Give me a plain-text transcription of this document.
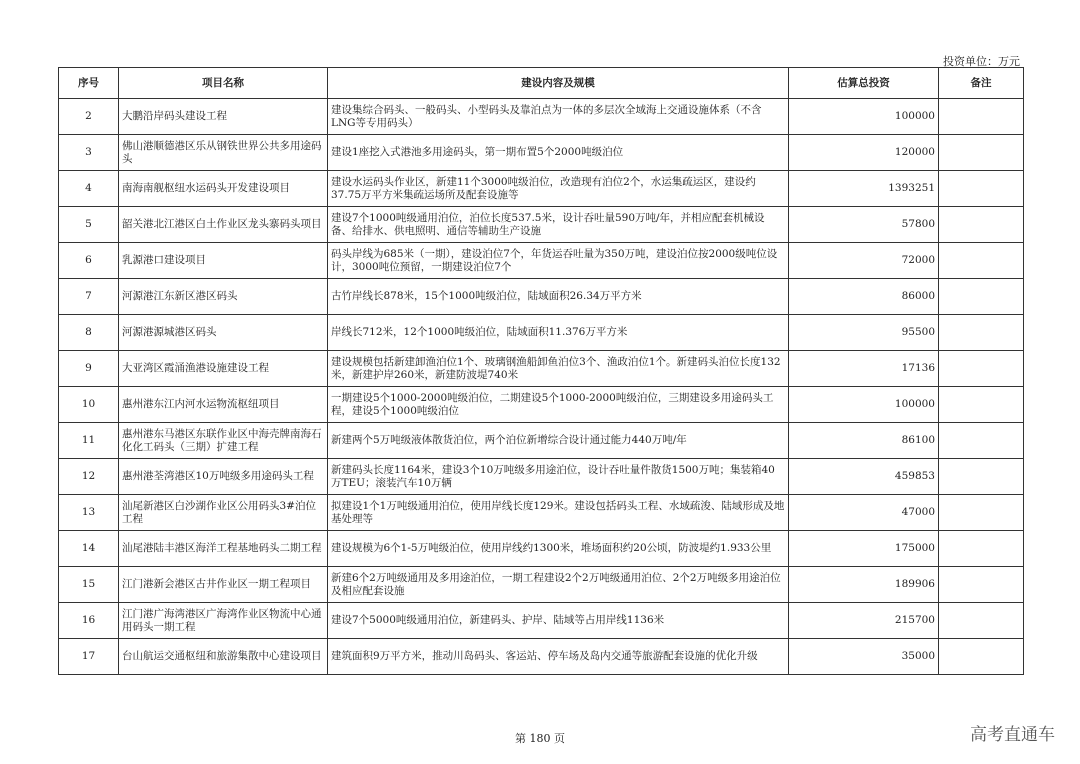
投资单位：万元
序号	项目名称	建设内容及规模	估算总投资	备注
2	大鹏沿岸码头建设工程	建设集综合码头、一般码头、小型码头及靠泊点为一体的多层次全域海上交通设施体系（不含LNG等专用码头）	100000	
3	佛山港顺德港区乐从钢铁世界公共多用途码头	建设1座挖入式港池多用途码头，第一期布置5个2000吨级泊位	120000	
4	南海南舰枢纽水运码头开发建设项目	建设水运码头作业区，新建11个3000吨级泊位，改造现有泊位2个，水运集疏运区，建设约37.75万平方米集疏运场所及配套设施等	1393251	
5	韶关港北江港区白土作业区龙头寨码头项目	建设7个1000吨级通用泊位，泊位长度537.5米，设计吞吐量590万吨/年，并相应配套机械设备、给排水、供电照明、通信等辅助生产设施	57800	
6	乳源港口建设项目	码头岸线为685米（一期），建设泊位7个，年货运吞吐量为350万吨，建设泊位按2000级吨位设计，3000吨位预留，一期建设泊位7个	72000	
7	河源港江东新区港区码头	古竹岸线长878米，15个1000吨级泊位，陆域面积26.34万平方米	86000	
8	河源港源城港区码头	岸线长712米，12个1000吨级泊位，陆域面积11.376万平方米	95500	
9	大亚湾区霞涌渔港设施建设工程	建设规模包括新建卸渔泊位1个、玻璃钢渔船卸鱼泊位3个、渔政泊位1个。新建码头泊位长度132米，新建护岸260米，新建防波堤740米	17136	
10	惠州港东江内河水运物流枢纽项目	一期建设5个1000-2000吨级泊位，二期建设5个1000-2000吨级泊位，三期建设多用途码头工程，建设5个1000吨级泊位	100000	
11	惠州港东马港区东联作业区中海壳牌南海石化化工码头（三期）扩建工程	新建两个5万吨级液体散货泊位，两个泊位新增综合设计通过能力440万吨/年	86100	
12	惠州港荃湾港区10万吨级多用途码头工程	新建码头长度1164米，建设3个10万吨级多用途泊位，设计吞吐量件散货1500万吨；集装箱40万TEU；滚装汽车10万辆	459853	
13	汕尾新港区白沙湖作业区公用码头3#泊位工程	拟建设1个1万吨级通用泊位，使用岸线长度129米。建设包括码头工程、水域疏浚、陆域形成及地基处理等	47000	
14	汕尾港陆丰港区海洋工程基地码头二期工程	建设规模为6个1-5万吨级泊位，使用岸线约1300米，堆场面积约20公顷，防波堤约1.933公里	175000	
15	江门港新会港区古井作业区一期工程项目	新建6个2万吨级通用及多用途泊位，一期工程建设2个2万吨级通用泊位、2个2万吨级多用途泊位及相应配套设施	189906	
16	江门港广海湾港区广海湾作业区物流中心通用码头一期工程	建设7个5000吨级通用泊位，新建码头、护岸、陆域等占用岸线1136米	215700	
17	台山航运交通枢纽和旅游集散中心建设项目	建筑面积9万平方米，推动川岛码头、客运站、停车场及岛内交通等旅游配套设施的优化升级	35000	
第 180 页	高考直通车
